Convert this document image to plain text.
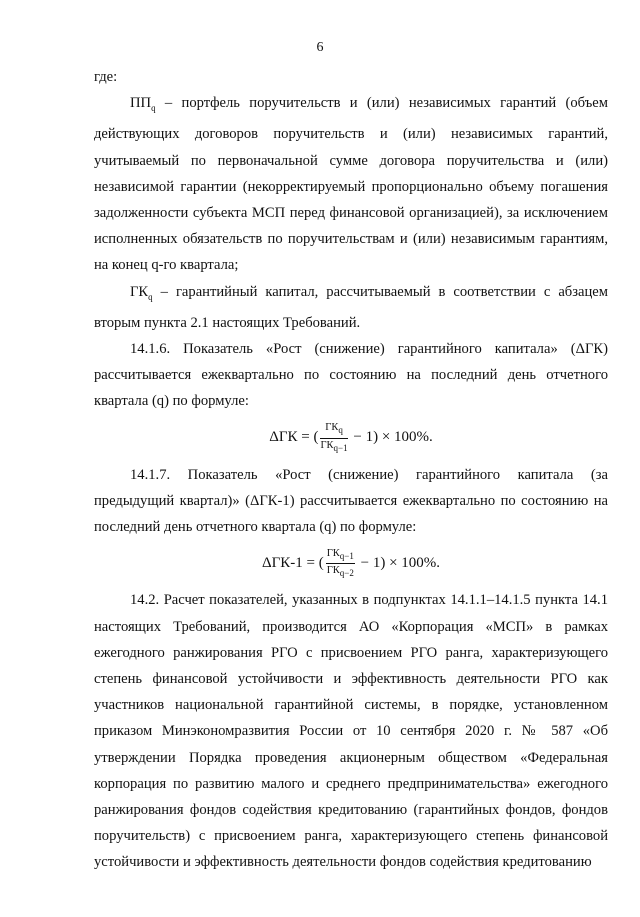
6

где:

$ПП_q$ – портфель поручительств и (или) независимых гарантий (объем действующих договоров поручительств и (или) независимых гарантий, учитываемый по первоначальной сумме договора поручительства и (или) независимой гарантии (некорректируемый пропорционально объему погашения задолженности субъекта МСП перед финансовой организацией), за исключением исполненных обязательств по поручительствам и (или) независимым гарантиям, на конец q-го квартала;

$ГК_q$ – гарантийный капитал, рассчитываемый в соответствии с абзацем вторым пункта 2.1 настоящих Требований.

14.1.6. Показатель «Рост (снижение) гарантийного капитала» (ΔГК) рассчитывается ежеквартально по состоянию на последний день отчетного квартала (q) по формуле:

ΔГК = ( $\frac{ГК_q}{ГК_{q-1}} - 1) \times 100\%$.

14.1.7. Показатель «Рост (снижение) гарантийного капитала (за предыдущий квартал)» (ΔГК-1) рассчитывается ежеквартально по состоянию на последний день отчетного квартала (q) по формуле:

ΔГК-1 = ( $\frac{ГК_{q-1}}{ГК_{q-2}} - 1) \times 100\%$.

14.2. Расчет показателей, указанных в подпунктах 14.1.1–14.1.5 пункта 14.1 настоящих Требований, производится АО «Корпорация «МСП» в рамках ежегодного ранжирования РГО с присвоением РГО ранга, характеризующего степень финансовой устойчивости и эффективность деятельности РГО как участников национальной гарантийной системы, в порядке, установленном приказом Минэкономразвития России от 10 сентября 2020 г. № 587 «Об утверждении Порядка проведения акционерным обществом «Федеральная корпорация по развитию малого и среднего предпринимательства» ежегодного ранжирования фондов содействия кредитованию (гарантийных фондов, фондов поручительств) с присвоением ранга, характеризующего степень финансовой устойчивости и эффективность деятельности фондов содействия кредитованию
